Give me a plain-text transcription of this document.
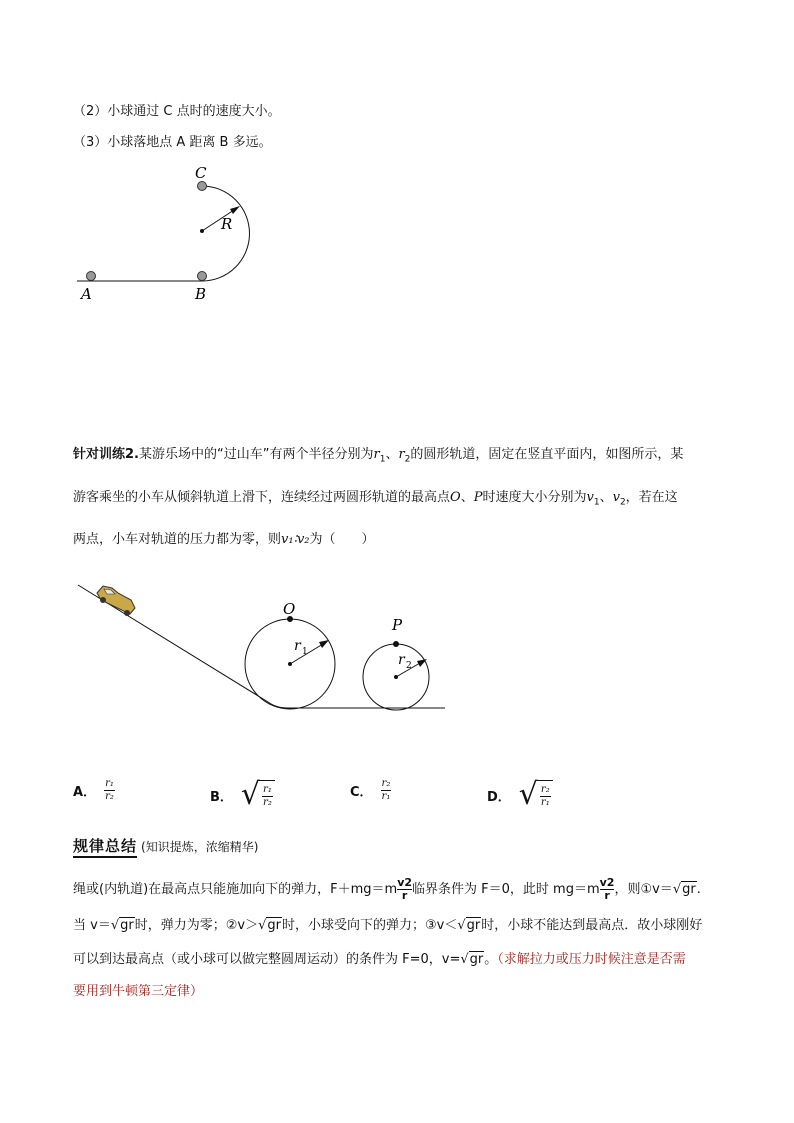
（2）小球通过 C 点时的速度大小。
（3）小球落地点 A 距离 B 多远。
C
R
A	B
针对训练2.某游乐场中的“过山车”有两个半径分别为$r_1$、$r_2$的圆形轨道，固定在竖直平面内，如图所示，某
游客乘坐的小车从倾斜轨道上滑下，连续经过两圆形轨道的最高点O、P时速度大小分别为$v_1$、$v_2$，若在这
两点，小车对轨道的压力都为零，则v₁∶v₂为（　　）
O
P
r 1	r 2
A． $\frac{\text{r₁}}{\text{r₂}}$	B． √ $\frac{\text{r₁}}{\text{r₂}}$	C． $\frac{\text{r₂}}{\text{r₁}}$	D． √ $\frac{\text{r₂}}{\text{r₁}}$
规律总结 (知识提炼，浓缩精华)
绳或(内轨道)在最高点只能施加向下的弹力，$F+mg=m \frac{v2}{r}$ 临界条件为 F＝0，此时 $mg=m \frac{v2}{r}$ ，则①v＝√gr.
当 v＝√gr时，弹力为零；②v＞√gr时，小球受向下的弹力；③v＜√gr时，小球不能达到最高点．故小球刚好
可以到达最高点（或小球可以做完整圆周运动）的条件为 F=0，v=√gr。（求解拉力或压力时候注意是否需
要用到牛顿第三定律）
